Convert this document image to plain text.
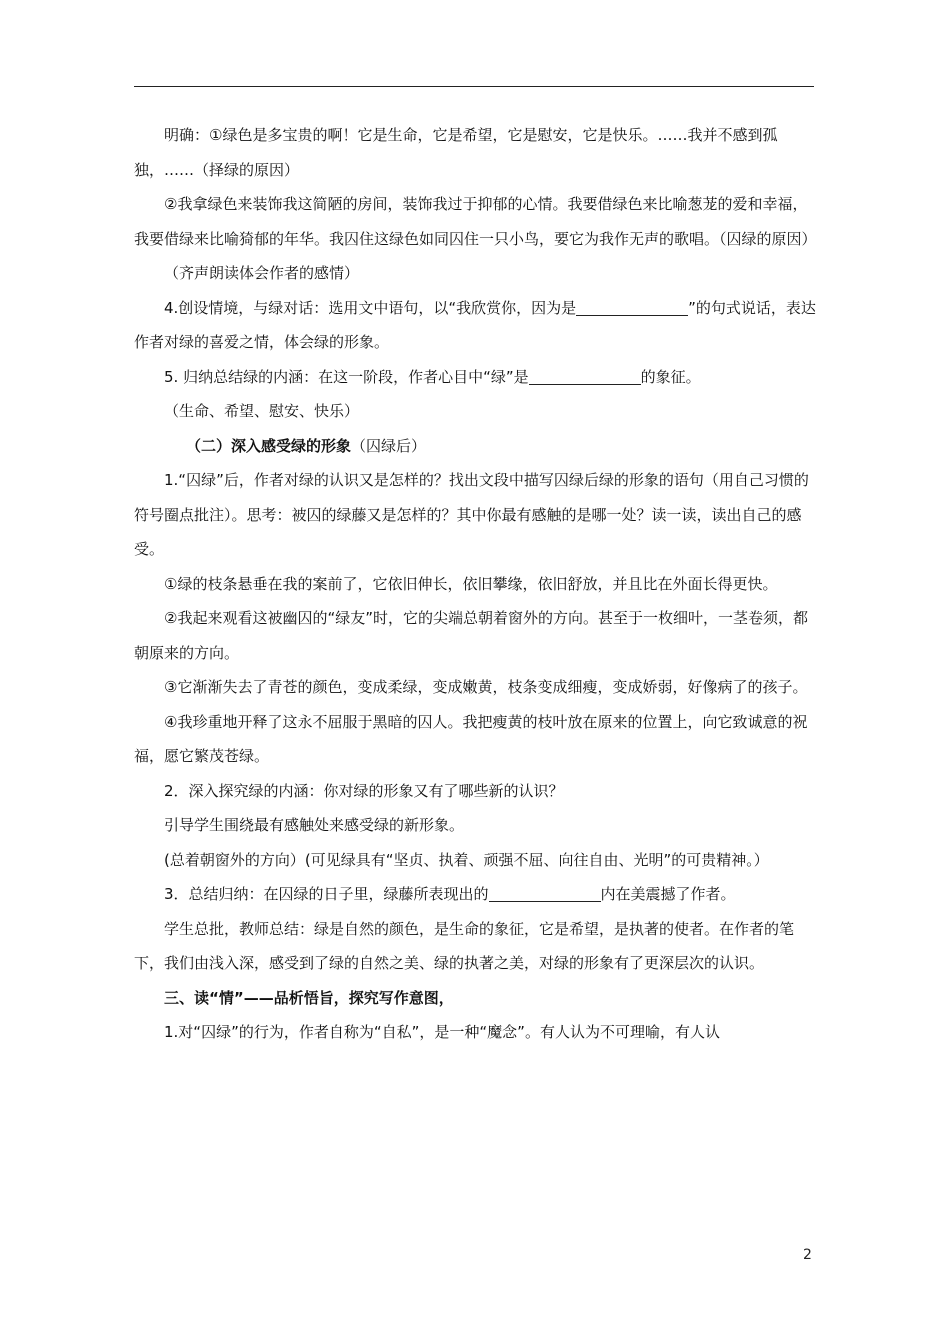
明确：①绿色是多宝贵的啊！它是生命，它是希望，它是慰安，它是快乐。……我并不感到孤独，……（择绿的原因）

②我拿绿色来装饰我这简陋的房间，装饰我过于抑郁的心情。我要借绿色来比喻葱茏的爱和幸福，我要借绿来比喻猗郁的年华。我囚住这绿色如同囚住一只小鸟，要它为我作无声的歌唱。（囚绿的原因）

（齐声朗读体会作者的感情）

4.创设情境，与绿对话：选用文中语句，以“我欣赏你，因为是	”的句式说话，表达作者对绿的喜爱之情，体会绿的形象。

5. 归纳总结绿的内涵：在这一阶段，作者心目中“绿”是	的象征。

（生命、希望、慰安、快乐）

（二）深入感受绿的形象（囚绿后）

1.“囚绿”后，作者对绿的认识又是怎样的？找出文段中描写囚绿后绿的形象的语句（用自己习惯的符号圈点批注）。思考：被囚的绿藤又是怎样的？其中你最有感触的是哪一处？读一读，读出自己的感受。

①绿的枝条悬垂在我的案前了，它依旧伸长，依旧攀缘，依旧舒放，并且比在外面长得更快。

②我起来观看这被幽囚的“绿友”时，它的尖端总朝着窗外的方向。甚至于一枚细叶，一茎卷须，都朝原来的方向。

③它渐渐失去了青苍的颜色，变成柔绿，变成嫩黄，枝条变成细瘦，变成娇弱，好像病了的孩子。

④我珍重地开释了这永不屈服于黑暗的囚人。我把瘦黄的枝叶放在原来的位置上，向它致诚意的祝福，愿它繁茂苍绿。

2．深入探究绿的内涵：你对绿的形象又有了哪些新的认识？

引导学生围绕最有感触处来感受绿的新形象。

(总着朝窗外的方向）(可见绿具有“坚贞、执着、顽强不屈、向往自由、光明”的可贵精神。）

3．总结归纳：在囚绿的日子里，绿藤所表现出的	内在美震撼了作者。

学生总批，教师总结：绿是自然的颜色，是生命的象征，它是希望，是执著的使者。在作者的笔下，我们由浅入深，感受到了绿的自然之美、绿的执著之美，对绿的形象有了更深层次的认识。

三、读“情”——品析悟旨，探究写作意图，

1.对“囚绿”的行为，作者自称为“自私”，是一种“魔念”。有人认为不可理喻，有人认

2
